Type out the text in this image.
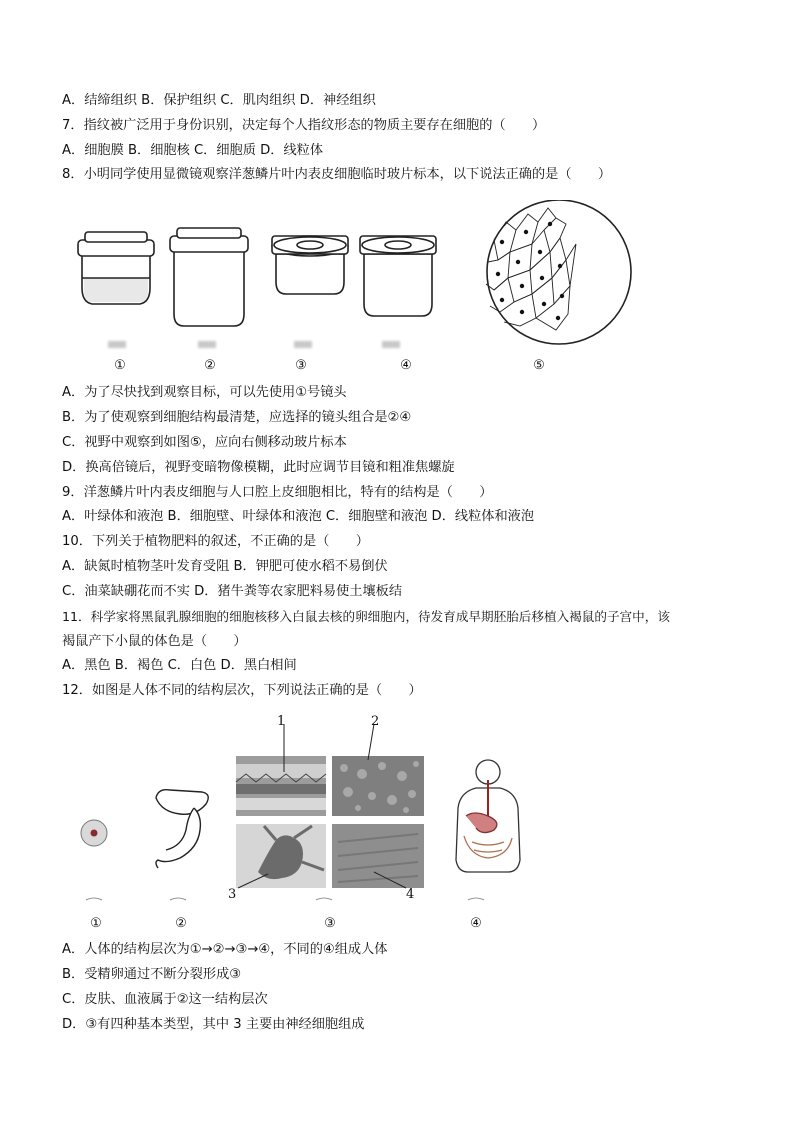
A．结缔组织 B．保护组织 C．肌肉组织 D．神经组织
7．指纹被广泛用于身份识别，决定每个人指纹形态的物质主要存在细胞的（　　）
A．细胞膜 B．细胞核 C．细胞质 D．线粒体
8．小明同学使用显微镜观察洋葱鳞片叶内表皮细胞临时玻片标本，以下说法正确的是（　　）
①	②	③	④	⑤
A．为了尽快找到观察目标，可以先使用①号镜头
B．为了使观察到细胞结构最清楚，应选择的镜头组合是②④
C．视野中观察到如图⑤，应向右侧移动玻片标本
D．换高倍镜后，视野变暗物像模糊，此时应调节目镜和粗准焦螺旋
9．洋葱鳞片叶内表皮细胞与人口腔上皮细胞相比，特有的结构是（　　）
A．叶绿体和液泡 B．细胞壁、叶绿体和液泡 C．细胞壁和液泡 D．线粒体和液泡
10．下列关于植物肥料的叙述，不正确的是（　　）
A．缺氮时植物茎叶发育受阻 B．钾肥可使水稻不易倒伏
C．油菜缺硼花而不实 D．猪牛粪等农家肥料易使土壤板结
11．科学家将黑鼠乳腺细胞的细胞核移入白鼠去核的卵细胞内，待发育成早期胚胎后移植入褐鼠的子宫中，该
褐鼠产下小鼠的体色是（　　）
A．黑色 B．褐色 C．白色 D．黑白相间
12．如图是人体不同的结构层次，下列说法正确的是（　　）
1	2
3	4
①	②	③	④
A．人体的结构层次为①→②→③→④，不同的④组成人体
B．受精卵通过不断分裂形成③
C．皮肤、血液属于②这一结构层次
D．③有四种基本类型，其中 3 主要由神经细胞组成
